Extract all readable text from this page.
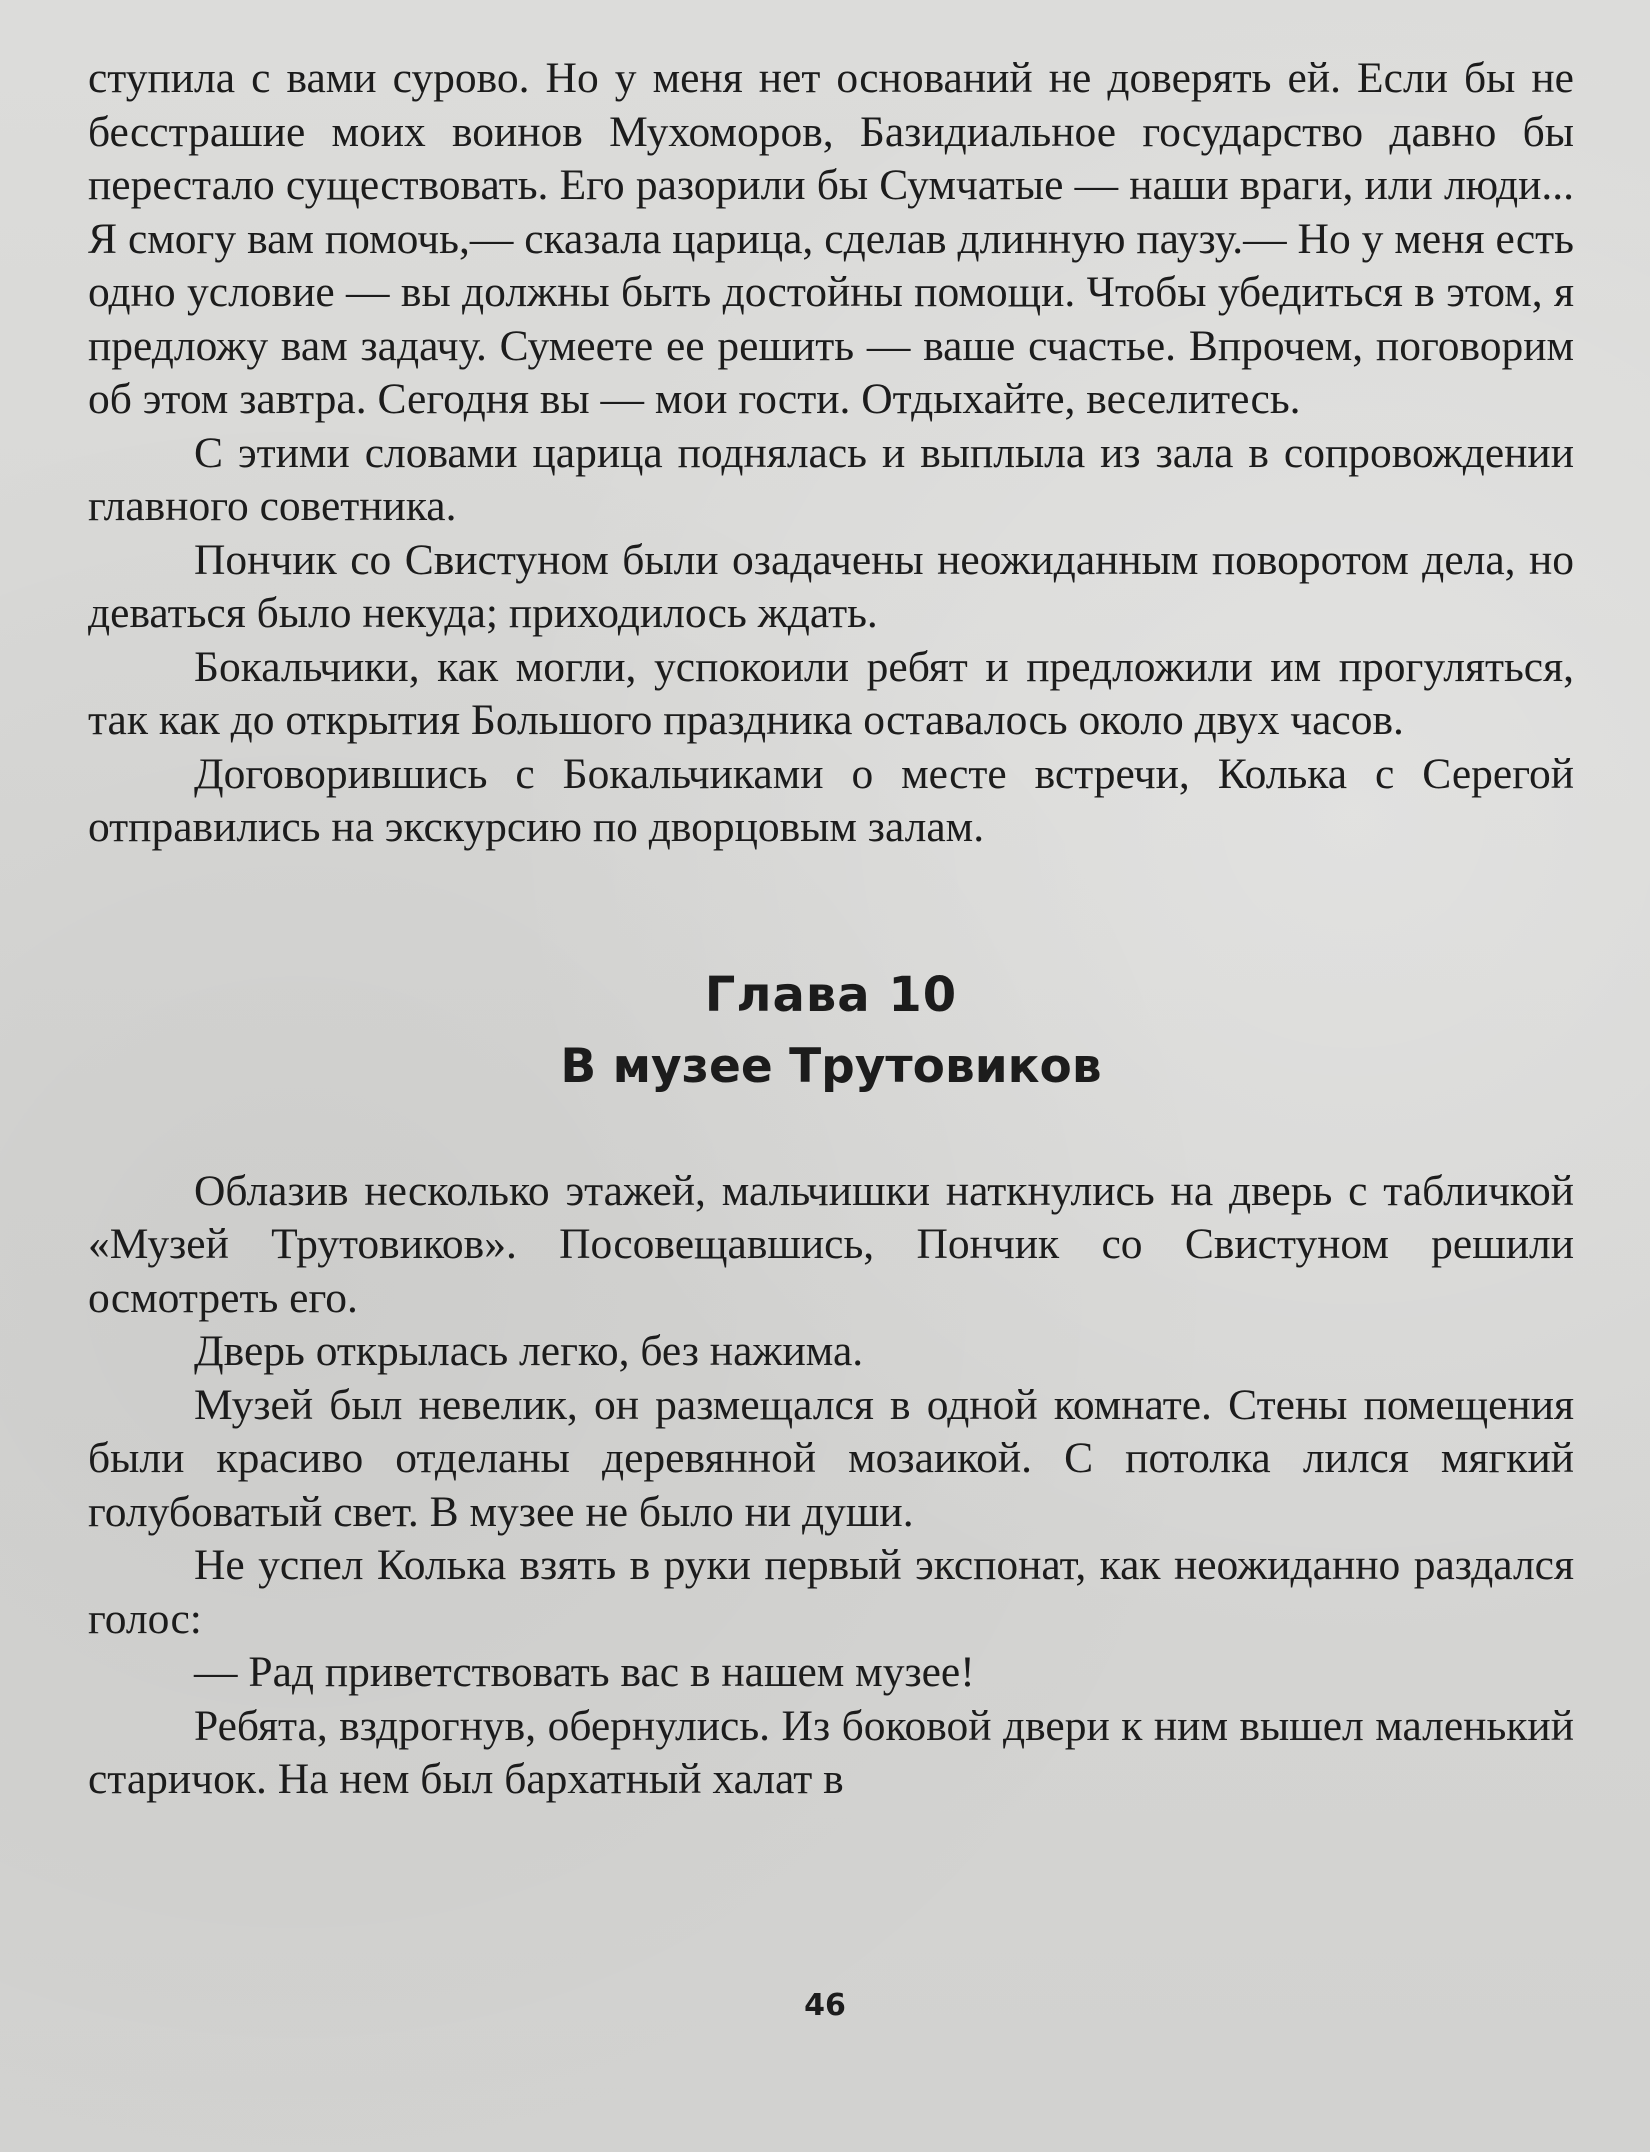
ступила с вами сурово. Но у меня нет оснований не доверять ей. Если бы не бесстрашие моих воинов Мухоморов, Базидиальное государство давно бы перестало существовать. Его разорили бы Сумчатые — наши враги, или люди... Я смогу вам помочь,— сказала царица, сделав длинную паузу.— Но у меня есть одно условие — вы должны быть достойны помощи. Чтобы убедиться в этом, я предложу вам задачу. Сумеете ее решить — ваше счастье. Впрочем, поговорим об этом завтра. Сегодня вы — мои гости. Отдыхайте, веселитесь.

С этими словами царица поднялась и выплыла из зала в сопровождении главного советника.

Пончик со Свистуном были озадачены неожиданным поворотом дела, но деваться было некуда; приходилось ждать.

Бокальчики, как могли, успокоили ребят и предложили им прогуляться, так как до открытия Большого праздника оставалось около двух часов.

Договорившись с Бокальчиками о месте встречи, Колька с Серегой отправились на экскурсию по дворцовым залам.

Глава 10
В музее Трутовиков

Облазив несколько этажей, мальчишки наткнулись на дверь с табличкой «Музей Трутовиков». Посовещавшись, Пончик со Свистуном решили осмотреть его.

Дверь открылась легко, без нажима.

Музей был невелик, он размещался в одной комнате. Стены помещения были красиво отделаны деревянной мозаикой. С потолка лился мягкий голубоватый свет. В музее не было ни души.

Не успел Колька взять в руки первый экспонат, как неожиданно раздался голос:

— Рад приветствовать вас в нашем музее!

Ребята, вздрогнув, обернулись. Из боковой двери к ним вышел маленький старичок. На нем был бархатный халат в

46
